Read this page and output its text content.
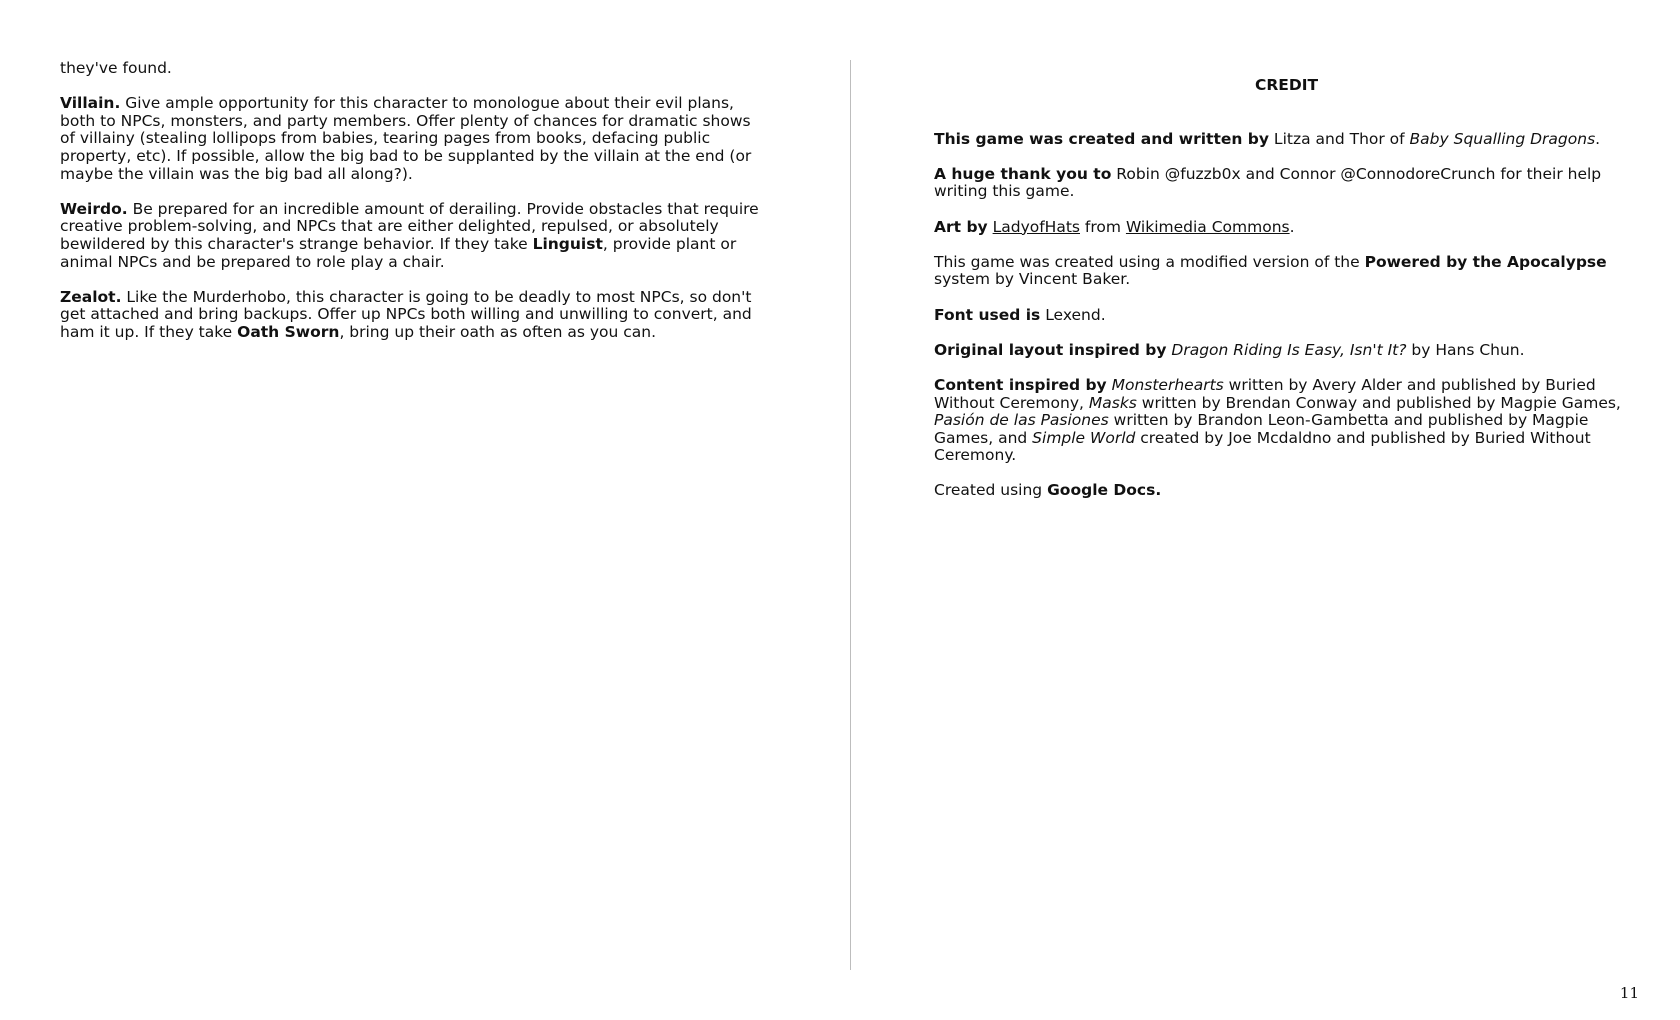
they've found.

Villain. Give ample opportunity for this character to monologue about their evil plans, both to NPCs, monsters, and party members. Offer plenty of chances for dramatic shows of villainy (stealing lollipops from babies, tearing pages from books, defacing public property, etc). If possible, allow the big bad to be supplanted by the villain at the end (or maybe the villain was the big bad all along?).

Weirdo. Be prepared for an incredible amount of derailing. Provide obstacles that require creative problem-solving, and NPCs that are either delighted, repulsed, or absolutely bewildered by this character's strange behavior. If they take Linguist, provide plant or animal NPCs and be prepared to role play a chair.

Zealot. Like the Murderhobo, this character is going to be deadly to most NPCs, so don't get attached and bring backups. Offer up NPCs both willing and unwilling to convert, and ham it up. If they take Oath Sworn, bring up their oath as often as you can.

CREDIT

This game was created and written by Litza and Thor of Baby Squalling Dragons.

A huge thank you to Robin @fuzzb0x and Connor @ConnodoreCrunch for their help writing this game.

Art by LadyofHats from Wikimedia Commons.

This game was created using a modified version of the Powered by the Apocalypse system by Vincent Baker.

Font used is Lexend.

Original layout inspired by Dragon Riding Is Easy, Isn't It? by Hans Chun.

Content inspired by Monsterhearts written by Avery Alder and published by Buried Without Ceremony, Masks written by Brendan Conway and published by Magpie Games, Pasión de las Pasiones written by Brandon Leon-Gambetta and published by Magpie Games, and Simple World created by Joe Mcdaldno and published by Buried Without Ceremony.

Created using Google Docs.

11
